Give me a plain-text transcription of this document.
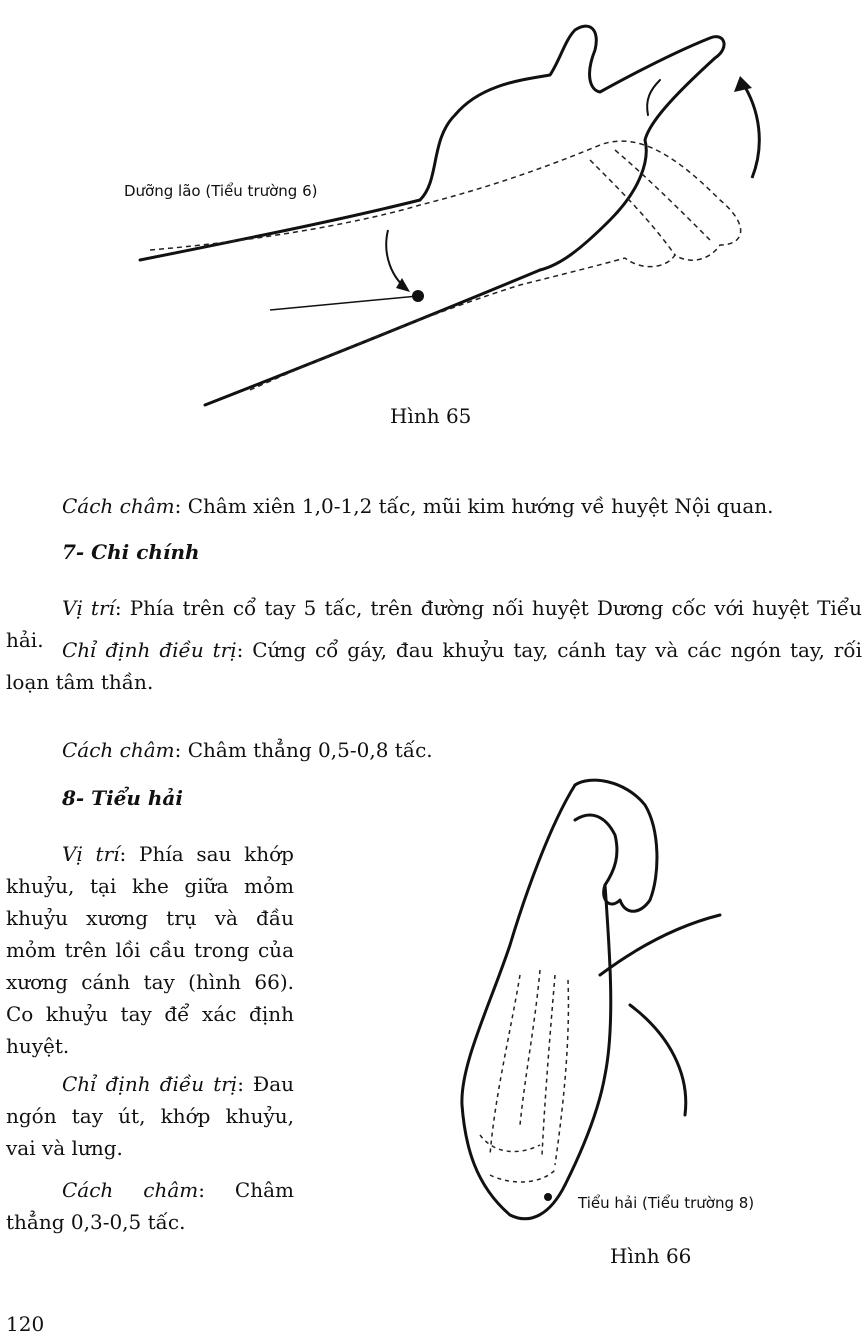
Dưỡng lão (Tiểu trường 6)
Hình 65
Cách châm: Châm xiên 1,0-1,2 tấc, mũi kim hướng về huyệt Nội quan.
7- Chi chính
Vị trí: Phía trên cổ tay 5 tấc, trên đường nối huyệt Dương cốc với huyệt Tiểu hải. Chỉ định điều trị: Cứng cổ gáy, đau khuỷu tay, cánh tay và các ngón tay, rối loạn tâm thần.
Cách châm: Châm thẳng 0,5-0,8 tấc.
8- Tiểu hải
Vị trí: Phía sau khớp khuỷu, tại khe giữa mỏm khuỷu xương trụ và đầu mỏm trên lồi cầu trong của xương cánh tay (hình 66). Co khuỷu tay để xác định huyệt.
Chỉ định điều trị: Đau ngón tay út, khớp khuỷu, vai và lưng.
Cách châm: Châm thẳng 0,3-0,5 tấc.
Tiểu hải (Tiểu trường 8)
Hình 66
120
